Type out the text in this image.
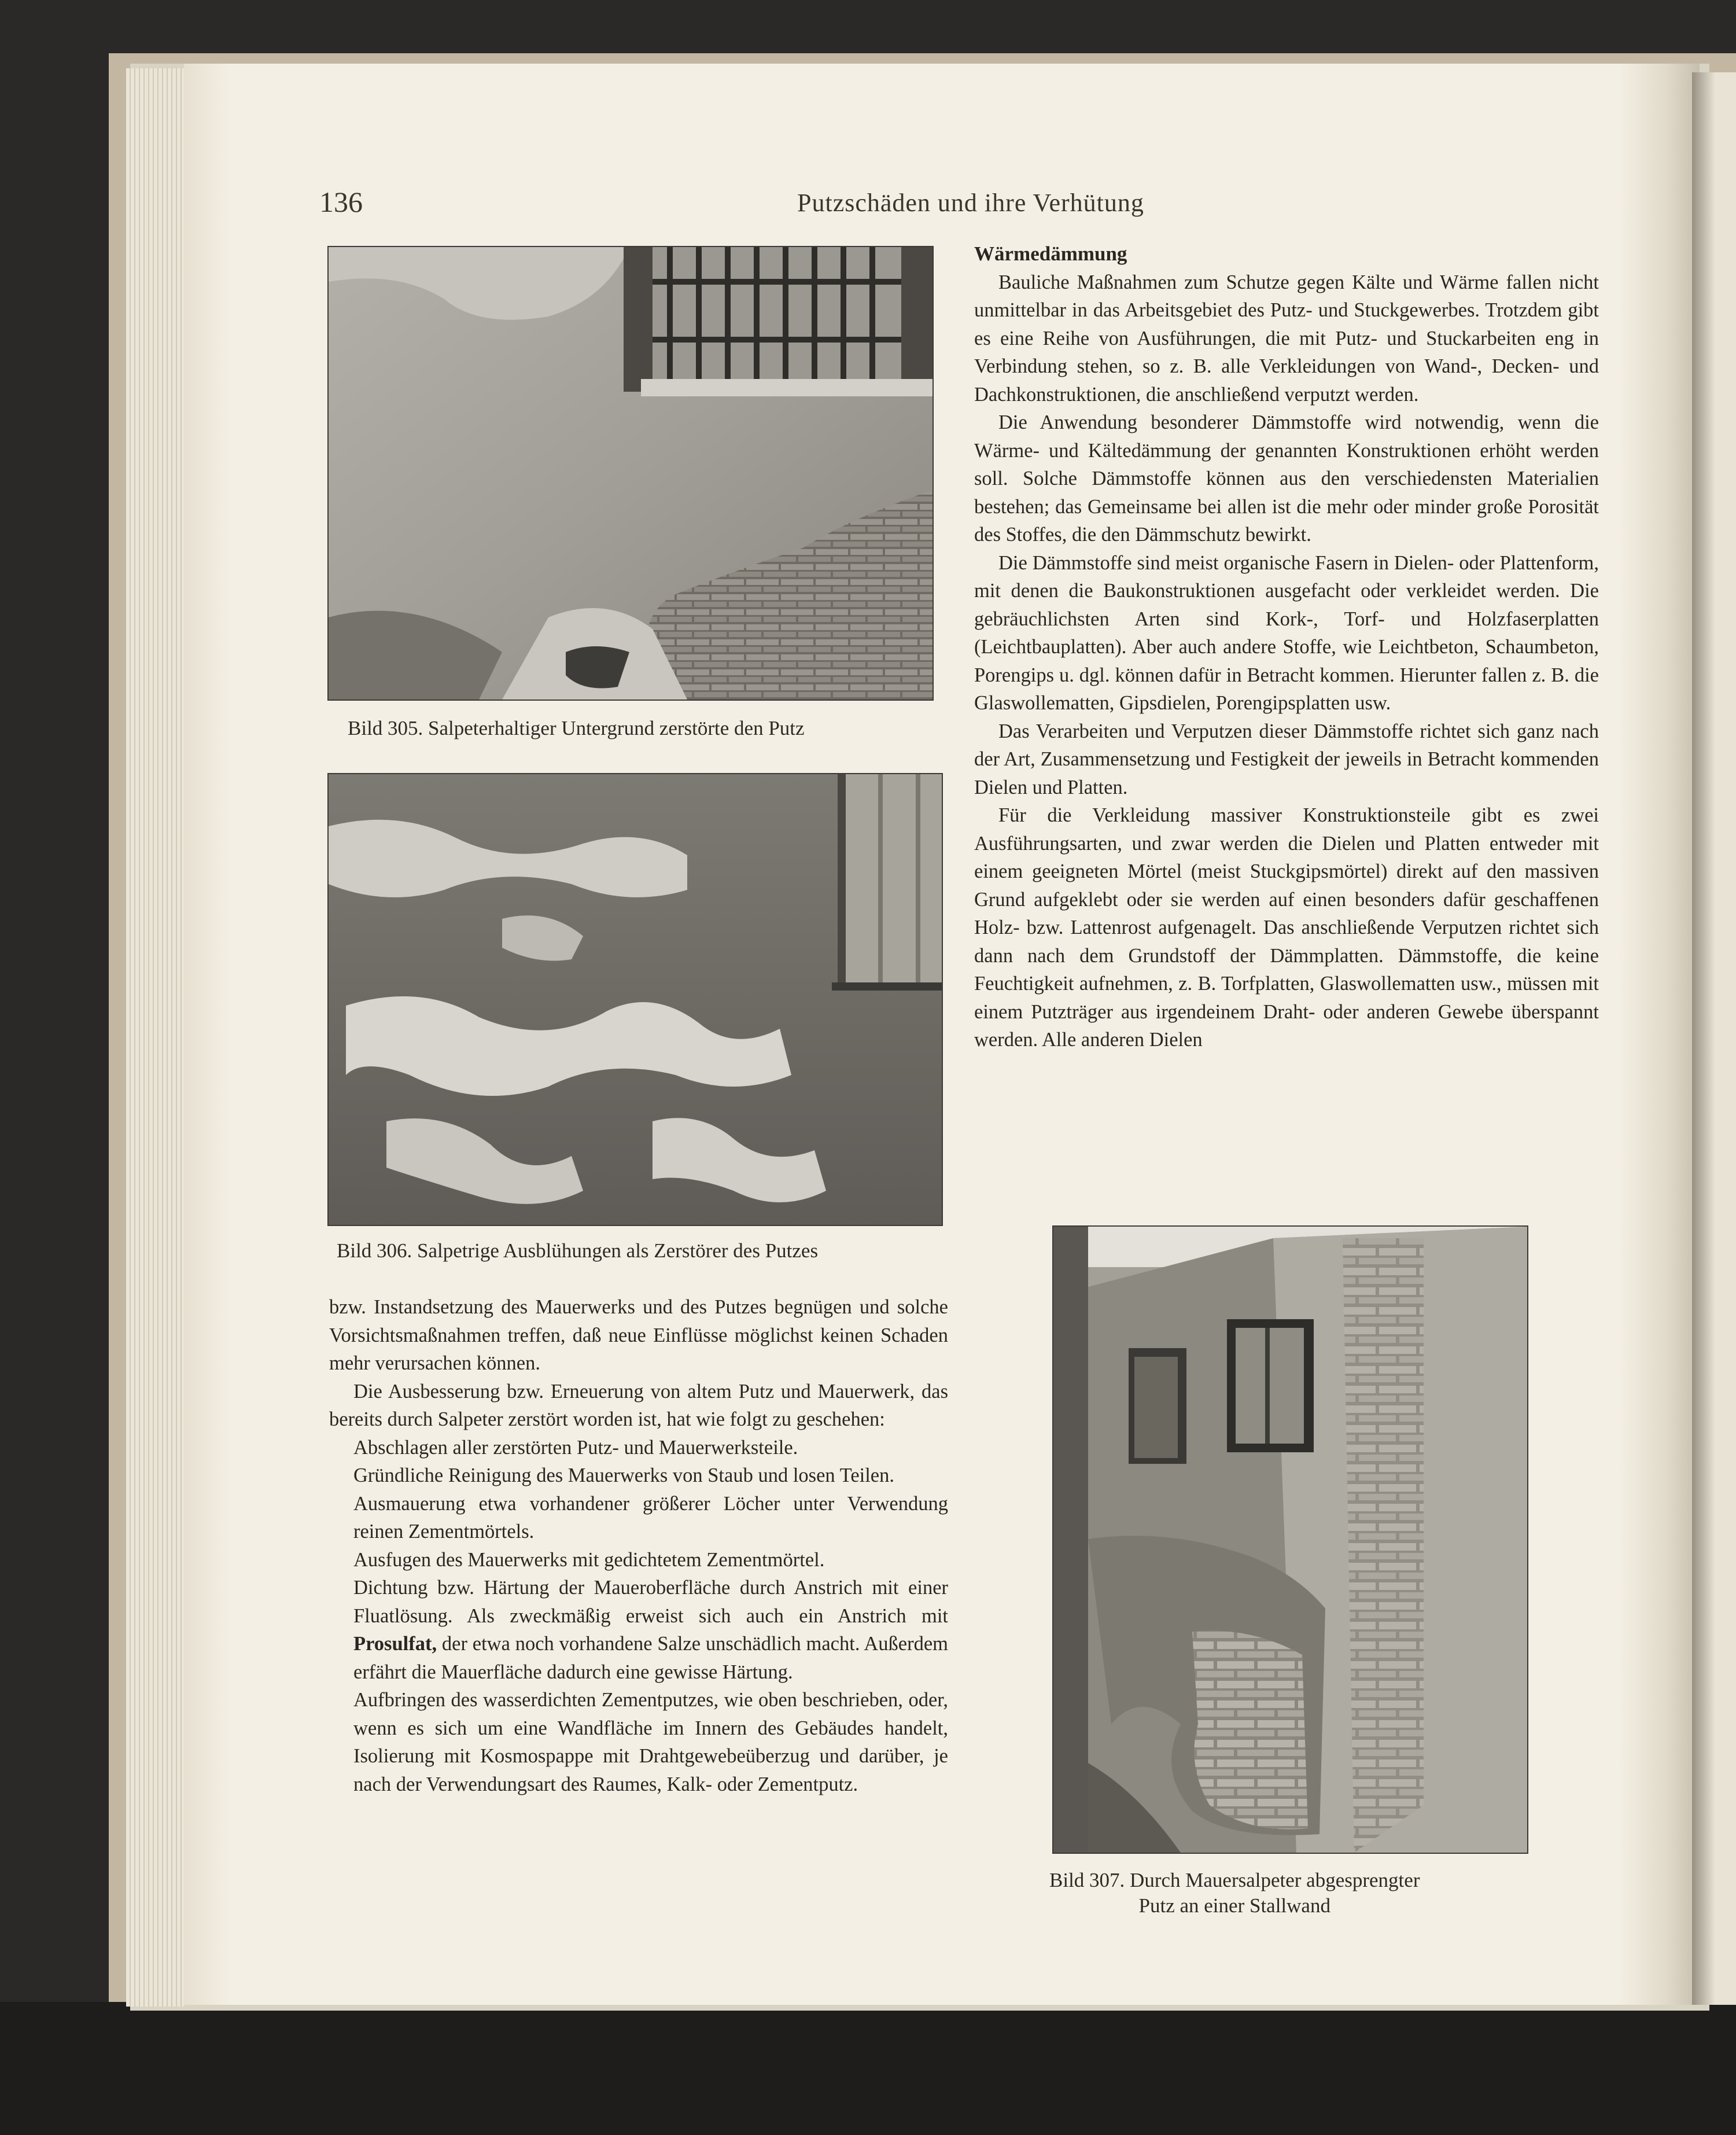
136	Putzschäden und ihre Verhütung
Bild 305. Salpeterhaltiger Untergrund zerstörte den Putz
Bild 306. Salpetrige Ausblühungen als Zerstörer des Putzes
Bild 307. Durch Mauersalpeter abgesprengter
Putz an einer Stallwand

Wärmedämmung

Bauliche Maßnahmen zum Schutze gegen Kälte und Wärme fallen nicht unmittelbar in das Arbeitsgebiet des Putz- und Stuckgewerbes. Trotzdem gibt es eine Reihe von Ausführungen, die mit Putz- und Stuckarbeiten eng in Verbindung stehen, so z. B. alle Verkleidungen von Wand-, Decken- und Dachkonstruktionen, die anschließend verputzt werden.

Die Anwendung besonderer Dämmstoffe wird notwendig, wenn die Wärme- und Kältedämmung der genannten Konstruktionen erhöht werden soll. Solche Dämmstoffe können aus den verschiedensten Materialien bestehen; das Gemeinsame bei allen ist die mehr oder minder große Porosität des Stoffes, die den Dämmschutz bewirkt.

Die Dämmstoffe sind meist organische Fasern in Dielen- oder Plattenform, mit denen die Baukonstruktionen ausgefacht oder verkleidet werden. Die gebräuchlichsten Arten sind Kork-, Torf- und Holzfaserplatten (Leichtbauplatten). Aber auch andere Stoffe, wie Leichtbeton, Schaumbeton, Porengips u. dgl. können dafür in Betracht kommen. Hierunter fallen z. B. die Glaswollematten, Gipsdielen, Porengipsplatten usw.

Das Verarbeiten und Verputzen dieser Dämmstoffe richtet sich ganz nach der Art, Zusammensetzung und Festigkeit der jeweils in Betracht kommenden Dielen und Platten.

Für die Verkleidung massiver Konstruktionsteile gibt es zwei Ausführungsarten, und zwar werden die Dielen und Platten entweder mit einem geeigneten Mörtel (meist Stuckgipsmörtel) direkt auf den massiven Grund aufgeklebt oder sie werden auf einen besonders dafür geschaffenen Holz- bzw. Lattenrost aufgenagelt. Das anschließende Verputzen richtet sich dann nach dem Grundstoff der Dämmplatten. Dämmstoffe, die keine Feuchtigkeit aufnehmen, z. B. Torfplatten, Glaswollematten usw., müssen mit einem Putzträger aus irgendeinem Draht- oder anderen Gewebe überspannt werden. Alle anderen Dielen

bzw. Instandsetzung des Mauerwerks und des Putzes begnügen und solche Vorsichtsmaßnahmen treffen, daß neue Einflüsse möglichst keinen Schaden mehr verursachen können.

Die Ausbesserung bzw. Erneuerung von altem Putz und Mauerwerk, das bereits durch Salpeter zerstört worden ist, hat wie folgt zu geschehen:

Abschlagen aller zerstörten Putz- und Mauerwerksteile.

Gründliche Reinigung des Mauerwerks von Staub und losen Teilen.

Ausmauerung etwa vorhandener größerer Löcher unter Verwendung reinen Zementmörtels.

Ausfugen des Mauerwerks mit gedichtetem Zementmörtel.

Dichtung bzw. Härtung der Maueroberfläche durch Anstrich mit einer Fluatlösung. Als zweckmäßig erweist sich auch ein Anstrich mit Prosulfat, der etwa noch vorhandene Salze unschädlich macht. Außerdem erfährt die Mauerfläche dadurch eine gewisse Härtung.

Aufbringen des wasserdichten Zementputzes, wie oben beschrieben, oder, wenn es sich um eine Wandfläche im Innern des Gebäudes handelt, Isolierung mit Kosmospappe mit Drahtgewebeüberzug und darüber, je nach der Verwendungsart des Raumes, Kalk- oder Zementputz.
